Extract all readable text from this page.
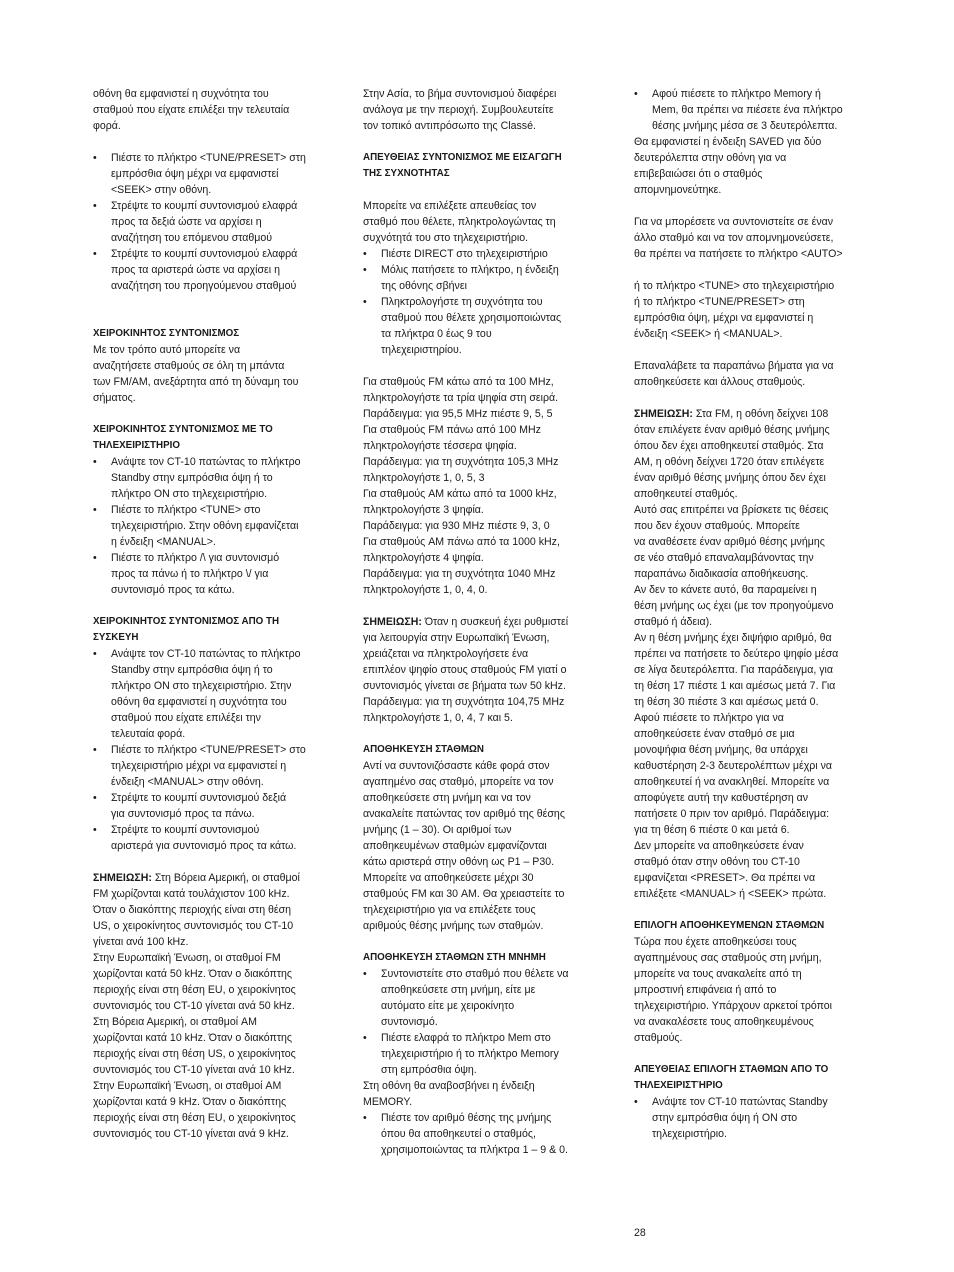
οθόνη θα εμφανιστεί η συχνότητα του
σταθμού που είχατε επιλέξει την τελευταία
φορά.

• Πιέστε το πλήκτρο <TUNE/PRESET> στη
εμπρόσθια όψη μέχρι να εμφανιστεί
<SEEK> στην οθόνη.
• Στρέψτε το κουμπί συντονισμού ελαφρά
προς τα δεξιά ώστε να αρχίσει η
αναζήτηση του επόμενου σταθμού
• Στρέψτε το κουμπί συντονισμού ελαφρά
προς τα αριστερά ώστε να αρχίσει η
αναζήτηση του προηγούμενου σταθμού

ΧΕΙΡΟΚΙΝΗΤΟΣ ΣΥΝΤΟΝΙΣΜΟΣ

Με τον τρόπο αυτό μπορείτε να
αναζητήσετε σταθμούς σε όλη τη μπάντα
των FM/AM, ανεξάρτητα από τη δύναμη του
σήματος.

ΧΕΙΡΟΚΙΝΗΤΟΣ ΣΥΝΤΟΝΙΣΜΟΣ ΜΕ ΤΟ
ΤΗΛΕΧΕΙΡΙΣΤΗΡΙΟ

• Ανάψτε τον CT-10 πατώντας το πλήκτρο
Standby στην εμπρόσθια όψη ή το
πλήκτρο ON στο τηλεχειριστήριο.
• Πιέστε το πλήκτρο <TUNE> στο
τηλεχειριστήριο. Στην οθόνη εμφανίζεται
η ένδειξη <MANUAL>.
• Πιέστε το πλήκτρο /\ για συντονισμό
προς τα πάνω ή το πλήκτρο \/ για
συντονισμό προς τα κάτω.

ΧΕΙΡΟΚΙΝΗΤΟΣ ΣΥΝΤΟΝΙΣΜΟΣ ΑΠΟ ΤΗ
ΣΥΣΚΕΥΗ

• Ανάψτε τον CT-10 πατώντας το πλήκτρο
Standby στην εμπρόσθια όψη ή το
πλήκτρο ON στο τηλεχειριστήριο. Στην
οθόνη θα εμφανιστεί η συχνότητα του
σταθμού που είχατε επιλέξει την
τελευταία φορά.
• Πιέστε το πλήκτρο <TUNE/PRESET> στο
τηλεχειριστήριο μέχρι να εμφανιστεί η
ένδειξη <MANUAL> στην οθόνη.
• Στρέψτε το κουμπί συντονισμού δεξιά
για συντονισμό προς τα πάνω.
• Στρέψτε το κουμπί συντονισμού
αριστερά για συντονισμό προς τα κάτω.

ΣΗΜΕΙΩΣΗ: Στη Βόρεια Αμερική, οι σταθμοί
FM χωρίζονται κατά τουλάχιστον 100 kHz.
Όταν ο διακόπτης περιοχής είναι στη θέση
US, ο χειροκίνητος συντονισμός του CT-10
γίνεται ανά 100 kHz.
Στην Ευρωπαϊκή Ένωση, οι σταθμοί FM
χωρίζονται κατά 50 kHz. Όταν ο διακόπτης
περιοχής είναι στη θέση EU, ο χειροκίνητος
συντονισμός του CT-10 γίνεται ανά 50 kHz.
Στη Βόρεια Αμερική, οι σταθμοί AM
χωρίζονται κατά 10 kHz. Όταν ο διακόπτης
περιοχής είναι στη θέση US, ο χειροκίνητος
συντονισμός του CT-10 γίνεται ανά 10 kHz.
Στην Ευρωπαϊκή Ένωση, οι σταθμοί AM
χωρίζονται κατά 9 kHz. Όταν ο διακόπτης
περιοχής είναι στη θέση EU, ο χειροκίνητος
συντονισμός του CT-10 γίνεται ανά 9 kHz.

Στην Ασία, το βήμα συντονισμού διαφέρει
ανάλογα με την περιοχή. Συμβουλευτείτε
τον τοπικό αντιπρόσωπο της Classé.

ΑΠΕΥΘΕΙΑΣ ΣΥΝΤΟΝΙΣΜΟΣ ΜΕ ΕΙΣΑΓΩΓΗ
ΤΗΣ ΣΥΧΝΟΤΗΤΑΣ

Μπορείτε να επιλέξετε απευθείας τον
σταθμό που θέλετε, πληκτρολογώντας τη
συχνότητά του στο τηλεχειριστήριο.

• Πιέστε DIRECT στο τηλεχειριστήριο
• Μόλις πατήσετε το πλήκτρο, η ένδειξη
της οθόνης σβήνει
• Πληκτρολογήστε τη συχνότητα του
σταθμού που θέλετε χρησιμοποιώντας
τα πλήκτρα 0 έως 9 του
τηλεχειριστηρίου.

Για σταθμούς FM κάτω από τα 100 MHz,
πληκτρολογήστε τα τρία ψηφία στη σειρά.
Παράδειγμα: για 95,5 MHz πιέστε 9, 5, 5
Για σταθμούς FM πάνω από 100 MHz
πληκτρολογήστε τέσσερα ψηφία.
Παράδειγμα: για τη συχνότητα 105,3 MHz
πληκτρολογήστε 1, 0, 5, 3
Για σταθμούς AM κάτω από τα 1000 kHz,
πληκτρολογήστε 3 ψηφία.
Παράδειγμα: για 930 MHz πιέστε 9, 3, 0
Για σταθμούς AM πάνω από τα 1000 kHz,
πληκτρολογήστε 4 ψηφία.
Παράδειγμα: για τη συχνότητα 1040 MHz
πληκτρολογήστε 1, 0, 4, 0.

ΣΗΜΕΙΩΣΗ: Όταν η συσκευή έχει ρυθμιστεί
για λειτουργία στην Ευρωπαϊκή Ένωση,
χρειάζεται να πληκτρολογήσετε ένα
επιπλέον ψηφίο στους σταθμούς FM γιατί ο
συντονισμός γίνεται σε βήματα των 50 kHz.
Παράδειγμα: για τη συχνότητα 104,75 MHz
πληκτρολογήστε 1, 0, 4, 7 και 5.

ΑΠΟΘΗΚΕΥΣΗ ΣΤΑΘΜΩΝ

Αντί να συντονιζόσαστε κάθε φορά στον
αγαπημένο σας σταθμό, μπορείτε να τον
αποθηκεύσετε στη μνήμη και να τον
ανακαλείτε πατώντας τον αριθμό της θέσης
μνήμης (1 – 30). Οι αριθμοί των
αποθηκευμένων σταθμών εμφανίζονται
κάτω αριστερά στην οθόνη ως P1 – P30.
Μπορείτε να αποθηκεύσετε μέχρι 30
σταθμούς FM και 30 AM. Θα χρειαστείτε το
τηλεχειριστήριο για να επιλέξετε τους
αριθμούς θέσης μνήμης των σταθμών.

ΑΠΟΘΗΚΕΥΣΗ ΣΤΑΘΜΩΝ ΣΤΗ ΜΝΗΜΗ

• Συντονιστείτε στο σταθμό που θέλετε να
αποθηκεύσετε στη μνήμη, είτε με
αυτόματο είτε με χειροκίνητο
συντονισμό.
• Πιέστε ελαφρά το πλήκτρο Mem στο
τηλεχειριστήριο ή το πλήκτρο Memory
στη εμπρόσθια όψη.

Στη οθόνη θα αναβοσβήνει η ένδειξη
MEMORY.

• Πιέστε τον αριθμό θέσης της μνήμης
όπου θα αποθηκευτεί ο σταθμός,
χρησιμοποιώντας τα πλήκτρα 1 – 9 & 0.
• Αφού πιέσετε το πλήκτρο Memory ή
Mem, θα πρέπει να πιέσετε ένα πλήκτρο
θέσης μνήμης μέσα σε 3 δευτερόλεπτα.

Θα εμφανιστεί η ένδειξη SAVED για δύο
δευτερόλεπτα στην οθόνη για να
επιβεβαιώσει ότι ο σταθμός
απομνημονεύτηκε.

Για να μπορέσετε να συντονιστείτε σε έναν
άλλο σταθμό και να τον απομνημονεύσετε,
θα πρέπει να πατήσετε το πλήκτρο <AUTO>

ή το πλήκτρο <TUNE> στο τηλεχειριστήριο
ή το πλήκτρο <TUNE/PRESET> στη
εμπρόσθια όψη, μέχρι να εμφανιστεί η
ένδειξη <SEEK> ή <MANUAL>.

Επαναλάβετε τα παραπάνω βήματα για να
αποθηκεύσετε και άλλους σταθμούς.

ΣΗΜΕΙΩΣΗ: Στα FM, η οθόνη δείχνει 108
όταν επιλέγετε έναν αριθμό θέσης μνήμης
όπου δεν έχει αποθηκευτεί σταθμός. Στα
AM, η οθόνη δείχνει 1720 όταν επιλέγετε
έναν αριθμό θέσης μνήμης όπου δεν έχει
αποθηκευτεί σταθμός.
Αυτό σας επιτρέπει να βρίσκετε τις θέσεις
που δεν έχουν σταθμούς. Μπορείτε
να αναθέσετε έναν αριθμό θέσης μνήμης
σε νέο σταθμό επαναλαμβάνοντας την
παραπάνω διαδικασία αποθήκευσης.
Αν δεν το κάνετε αυτό, θα παραμείνει η
θέση μνήμης ως έχει (με τον προηγούμενο
σταθμό ή άδεια).
Αν η θέση μνήμης έχει διψήφιο αριθμό, θα
πρέπει να πατήσετε το δεύτερο ψηφίο μέσα
σε λίγα δευτερόλεπτα. Για παράδειγμα, για
τη θέση 17 πιέστε 1 και αμέσως μετά 7. Για
τη θέση 30 πιέστε 3 και αμέσως μετά 0.
Αφού πιέσετε το πλήκτρο για να
αποθηκεύσετε έναν σταθμό σε μια
μονοψήφια θέση μνήμης, θα υπάρχει
καθυστέρηση 2-3 δευτερολέπτων μέχρι να
αποθηκευτεί ή να ανακληθεί. Μπορείτε να
αποφύγετε αυτή την καθυστέρηση αν
πατήσετε 0 πριν τον αριθμό. Παράδειγμα:
για τη θέση 6 πιέστε 0 και μετά 6.
Δεν μπορείτε να αποθηκεύσετε έναν
σταθμό όταν στην οθόνη του CT-10
εμφανίζεται <PRESET>. Θα πρέπει να
επιλέξετε <MANUAL> ή <SEEK> πρώτα.

ΕΠΙΛΟΓΗ ΑΠΟΘΗΚΕΥΜΕΝΩΝ ΣΤΑΘΜΩΝ

Τώρα που έχετε αποθηκεύσει τους
αγαπημένους σας σταθμούς στη μνήμη,
μπορείτε να τους ανακαλείτε από τη
μπροστινή επιφάνεια ή από το
τηλεχειριστήριο. Υπάρχουν αρκετοί τρόποι
να ανακαλέσετε τους αποθηκευμένους
σταθμούς.

ΑΠΕΥΘΕΙΑΣ ΕΠΙΛΟΓΗ ΣΤΑΘΜΩΝ ΑΠΟ ΤΟ
ΤΗΛΕΧΕΙΡΙΣΤΉΡΙΟ

• Ανάψτε τον CT-10 πατώντας Standby
στην εμπρόσθια όψη ή ON στο
τηλεχειριστήριο.
28
